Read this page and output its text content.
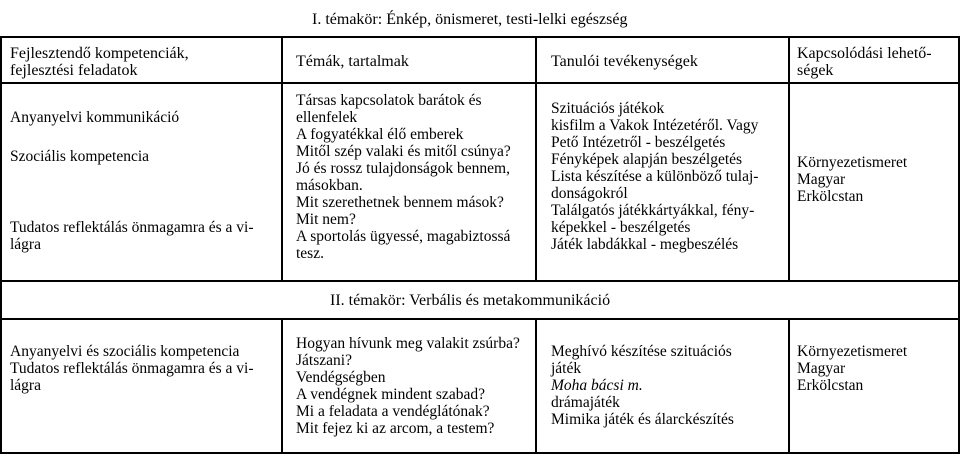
I. témakör: Énkép, önismeret, testi-lelki egészség
Fejlesztendő kompetenciák,
fejlesztési feladatok
Témák, tartalmak	Tanulói tevékenységek	Kapcsolódási lehető-
ségek
Anyanyelvi kommunikáció
Szociális kompetencia
Tudatos reflektálás önmagamra és a vi-
lágra
Társas kapcsolatok barátok és
ellenfelek
A fogyatékkal élő emberek
Mitől szép valaki és mitől csúnya?
Jó és rossz tulajdonságok bennem,
másokban.
Mit szerethetnek bennem mások?
Mit nem?
A sportolás ügyessé, magabiztossá
tesz.
Szituációs játékok
kisfilm a Vakok Intézetéről. Vagy
Pető Intézetről - beszélgetés
Fényképek alapján beszélgetés
Lista készítése a különböző tulaj-
donságokról
Találgatós játékkártyákkal, fény-
képekkel - beszélgetés
Játék labdákkal - megbeszélés
Környezetismeret
Magyar
Erkölcstan
II. témakör: Verbális és metakommunikáció
Anyanyelvi és szociális kompetencia
Tudatos reflektálás önmagamra és a vi-
lágra
Hogyan hívunk meg valakit zsúrba?
Játszani?
Vendégségben
A vendégnek mindent szabad?
Mi a feladata a vendéglátónak?
Mit fejez ki az arcom, a testem?
Meghívó készítése szituációs
játék
Moha bácsi m.
drámajáték
Mimika játék és álarckészítés
Környezetismeret
Magyar
Erkölcstan
